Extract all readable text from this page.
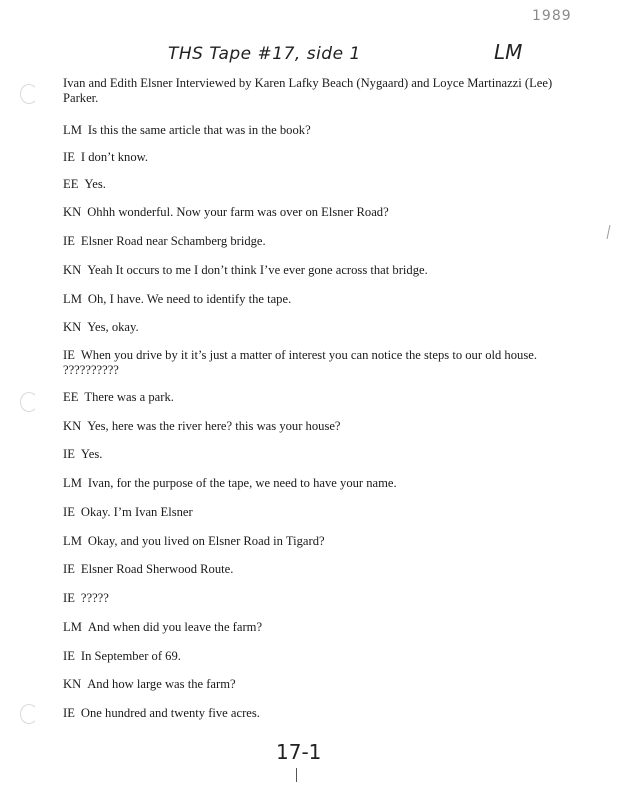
1989
THS Tape #17, side 1	LM
Ivan and Edith Elsner Interviewed by Karen Lafky Beach (Nygaard) and Loyce Martinazzi (Lee)
Parker.
LM Is this the same article that was in the book?
IE I don’t know.
EE Yes.
KN Ohhh wonderful. Now your farm was over on Elsner Road?
IE Elsner Road near Schamberg bridge.
KN Yeah It occurs to me I don’t think I’ve ever gone across that bridge.
LM Oh, I have. We need to identify the tape.
KN Yes, okay.
IE When you drive by it it’s just a matter of interest you can notice the steps to our old house.
??????????
EE There was a park.
KN Yes, here was the river here? this was your house?
IE Yes.
LM Ivan, for the purpose of the tape, we need to have your name.
IE Okay. I’m Ivan Elsner
LM Okay, and you lived on Elsner Road in Tigard?
IE Elsner Road Sherwood Route.
IE ?????
LM And when did you leave the farm?
IE In September of 69.
KN And how large was the farm?
IE One hundred and twenty five acres.
17-1
